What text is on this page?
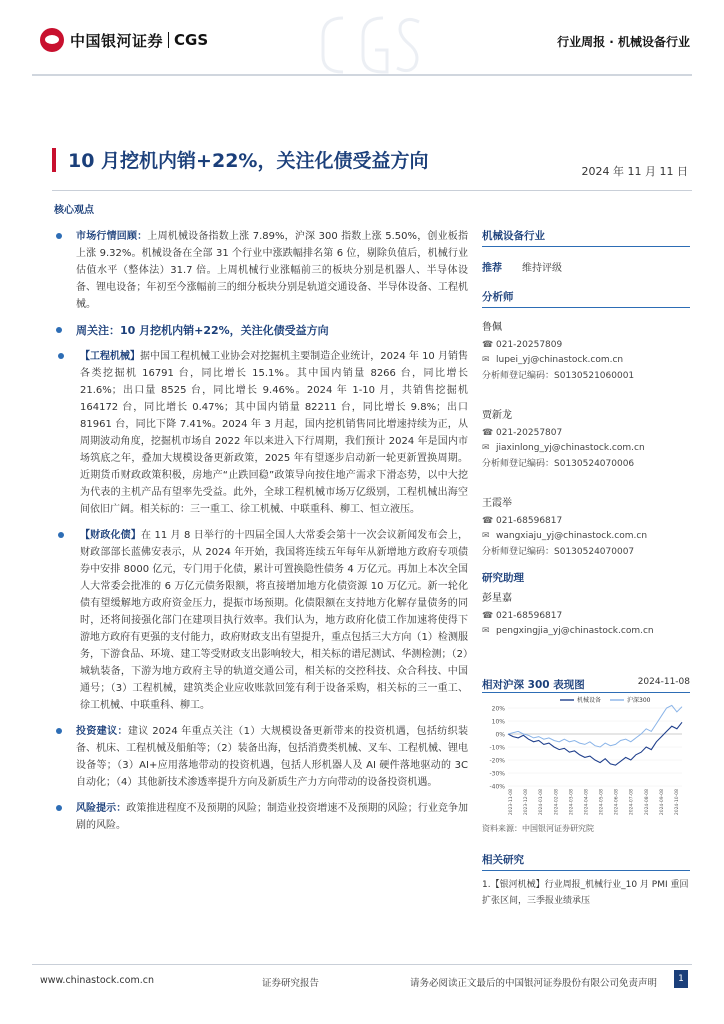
中国银河证券 CGS	行业周报 · 机械设备行业
10 月挖机内销+22%，关注化债受益方向	2024 年 11 月 11 日
核心观点

市场行情回顾：上周机械设备指数上涨 7.89%，沪深 300 指数上涨 5.50%，创业板指上涨 9.32%。机械设备在全部 31 个行业中涨跌幅排名第 6 位，剔除负值后，机械行业估值水平（整体法）31.7 倍。上周机械行业涨幅前三的板块分别是机器人、半导体设备、锂电设备；年初至今涨幅前三的细分板块分别是轨道交通设备、半导体设备、工程机械。

周关注：10 月挖机内销+22%，关注化债受益方向

【工程机械】据中国工程机械工业协会对挖掘机主要制造企业统计，2024 年 10 月销售各类挖掘机 16791 台，同比增长 15.1%。其中国内销量 8266 台，同比增长 21.6%；出口量 8525 台，同比增长 9.46%。2024 年 1-10 月，共销售挖掘机 164172 台，同比增长 0.47%；其中国内销量 82211 台，同比增长 9.8%；出口 81961 台，同比下降 7.41%。2024 年 3 月起，国内挖机销售同比增速持续为正，从周期波动角度，挖掘机市场自 2022 年以来进入下行周期，我们预计 2024 年是国内市场筑底之年，叠加大规模设备更新政策，2025 年有望逐步启动新一轮更新置换周期。近期货币财政政策积极，房地产“止跌回稳”政策导向按住地产需求下滑态势，以中大挖为代表的主机产品有望率先受益。此外，全球工程机械市场万亿级别，工程机械出海空间依旧广阔。相关标的：三一重工、徐工机械、中联重科、柳工、恒立液压。

【财政化债】在 11 月 8 日举行的十四届全国人大常委会第十一次会议新闻发布会上，财政部部长蓝佛安表示，从 2024 年开始，我国将连续五年每年从新增地方政府专项债券中安排 8000 亿元，专门用于化债，累计可置换隐性债务 4 万亿元。再加上本次全国人大常委会批准的 6 万亿元债务限额，将直接增加地方化债资源 10 万亿元。新一轮化债有望缓解地方政府资金压力，提振市场预期。化债限额在支持地方化解存量债务的同时，还将间接强化部门在建项目执行效率。我们认为，地方政府化债工作加速将使得下游地方政府有更强的支付能力，政府财政支出有望提升，重点包括三大方向（1）检测服务，下游食品、环境、建工等受财政支出影响较大，相关标的谱尼测试、华测检测；（2）城轨装备，下游为地方政府主导的轨道交通公司，相关标的交控科技、众合科技、中国通号；（3）工程机械，建筑类企业应收账款回笼有利于设备采购，相关标的三一重工、徐工机械、中联重科、柳工。

投资建议：建议 2024 年重点关注（1）大规模设备更新带来的投资机遇，包括纺织装备、机床、工程机械及船舶等；（2）装备出海，包括消费类机械、叉车、工程机械、锂电设备等；（3）AI+应用落地带动的投资机遇，包括人形机器人及 AI 硬件落地驱动的 3C 自动化；（4）其他新技术渗透率提升方向及新质生产力方向带动的设备投资机遇。

风险提示：政策推进程度不及预期的风险；制造业投资增速不及预期的风险；行业竞争加剧的风险。

机械设备行业
推荐	维持评级
分析师
鲁佩
☎ 021-20257809
✉ lupei_yj@chinastock.com.cn
分析师登记编码：S0130521060001
贾新龙
☎ 021-20257807
✉ jiaxinlong_yj@chinastock.com.cn
分析师登记编码：S0130524070006
王霞举
☎ 021-68596817
✉ wangxiaju_yj@chinastock.com.cn
分析师登记编码：S0130524070007
研究助理
彭星嘉
☎ 021-68596817
✉ pengxingjia_yj@chinastock.com.cn
相对沪深 300 表现图	2024-11-08
20%
10%
0%
-10%
-20%
-30%
-40%
2023-11-08 2023-12-08 2024-01-08 2024-02-08 2024-03-08 2024-04-08 2024-05-08 2024-06-08 2024-07-08 2024-08-08 2024-09-08 2024-10-08
机械设备	沪深300
资料来源：中国银河证券研究院
相关研究
1.【银河机械】行业周报_机械行业_10 月 PMI 重回扩张区间，三季报业绩承压
www.chinastock.com.cn	证券研究报告	请务必阅读正文最后的中国银河证券股份有限公司免责声明	1
